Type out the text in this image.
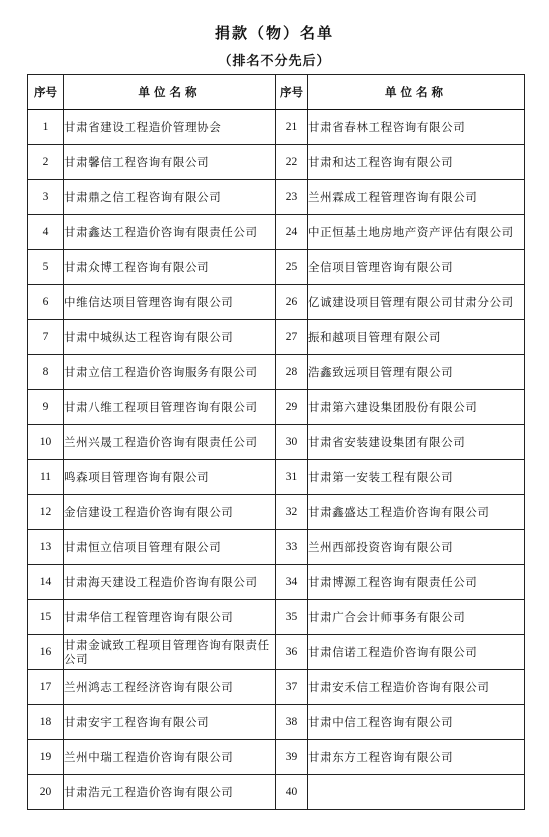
捐款（物）名单
（排名不分先后）
序号	单位名称	序号	单位名称
1	甘肃省建设工程造价管理协会	21	甘肃省春林工程咨询有限公司
2	甘肃馨信工程咨询有限公司	22	甘肃和达工程咨询有限公司
3	甘肃鼎之信工程咨询有限公司	23	兰州霖成工程管理咨询有限公司
4	甘肃鑫达工程造价咨询有限责任公司	24	中正恒基土地房地产资产评估有限公司
5	甘肃众博工程咨询有限公司	25	全信项目管理咨询有限公司
6	中维信达项目管理咨询有限公司	26	亿诚建设项目管理有限公司甘肃分公司
7	甘肃中城纵达工程咨询有限公司	27	振和越项目管理有限公司
8	甘肃立信工程造价咨询服务有限公司	28	浩鑫致远项目管理有限公司
9	甘肃八维工程项目管理咨询有限公司	29	甘肃第六建设集团股份有限公司
10	兰州兴晟工程造价咨询有限责任公司	30	甘肃省安装建设集团有限公司
11	鸣森项目管理咨询有限公司	31	甘肃第一安装工程有限公司
12	金信建设工程造价咨询有限公司	32	甘肃鑫盛达工程造价咨询有限公司
13	甘肃恒立信项目管理有限公司	33	兰州西部投资咨询有限公司
14	甘肃海天建设工程造价咨询有限公司	34	甘肃博源工程咨询有限责任公司
15	甘肃华信工程管理咨询有限公司	35	甘肃广合会计师事务有限公司
16	甘肃金诚致工程项目管理咨询有限责任公司	36	甘肃信诺工程造价咨询有限公司
17	兰州鸿志工程经济咨询有限公司	37	甘肃安禾信工程造价咨询有限公司
18	甘肃安宇工程咨询有限公司	38	甘肃中信工程咨询有限公司
19	兰州中瑞工程造价咨询有限公司	39	甘肃东方工程咨询有限公司
20	甘肃浩元工程造价咨询有限公司	40	
